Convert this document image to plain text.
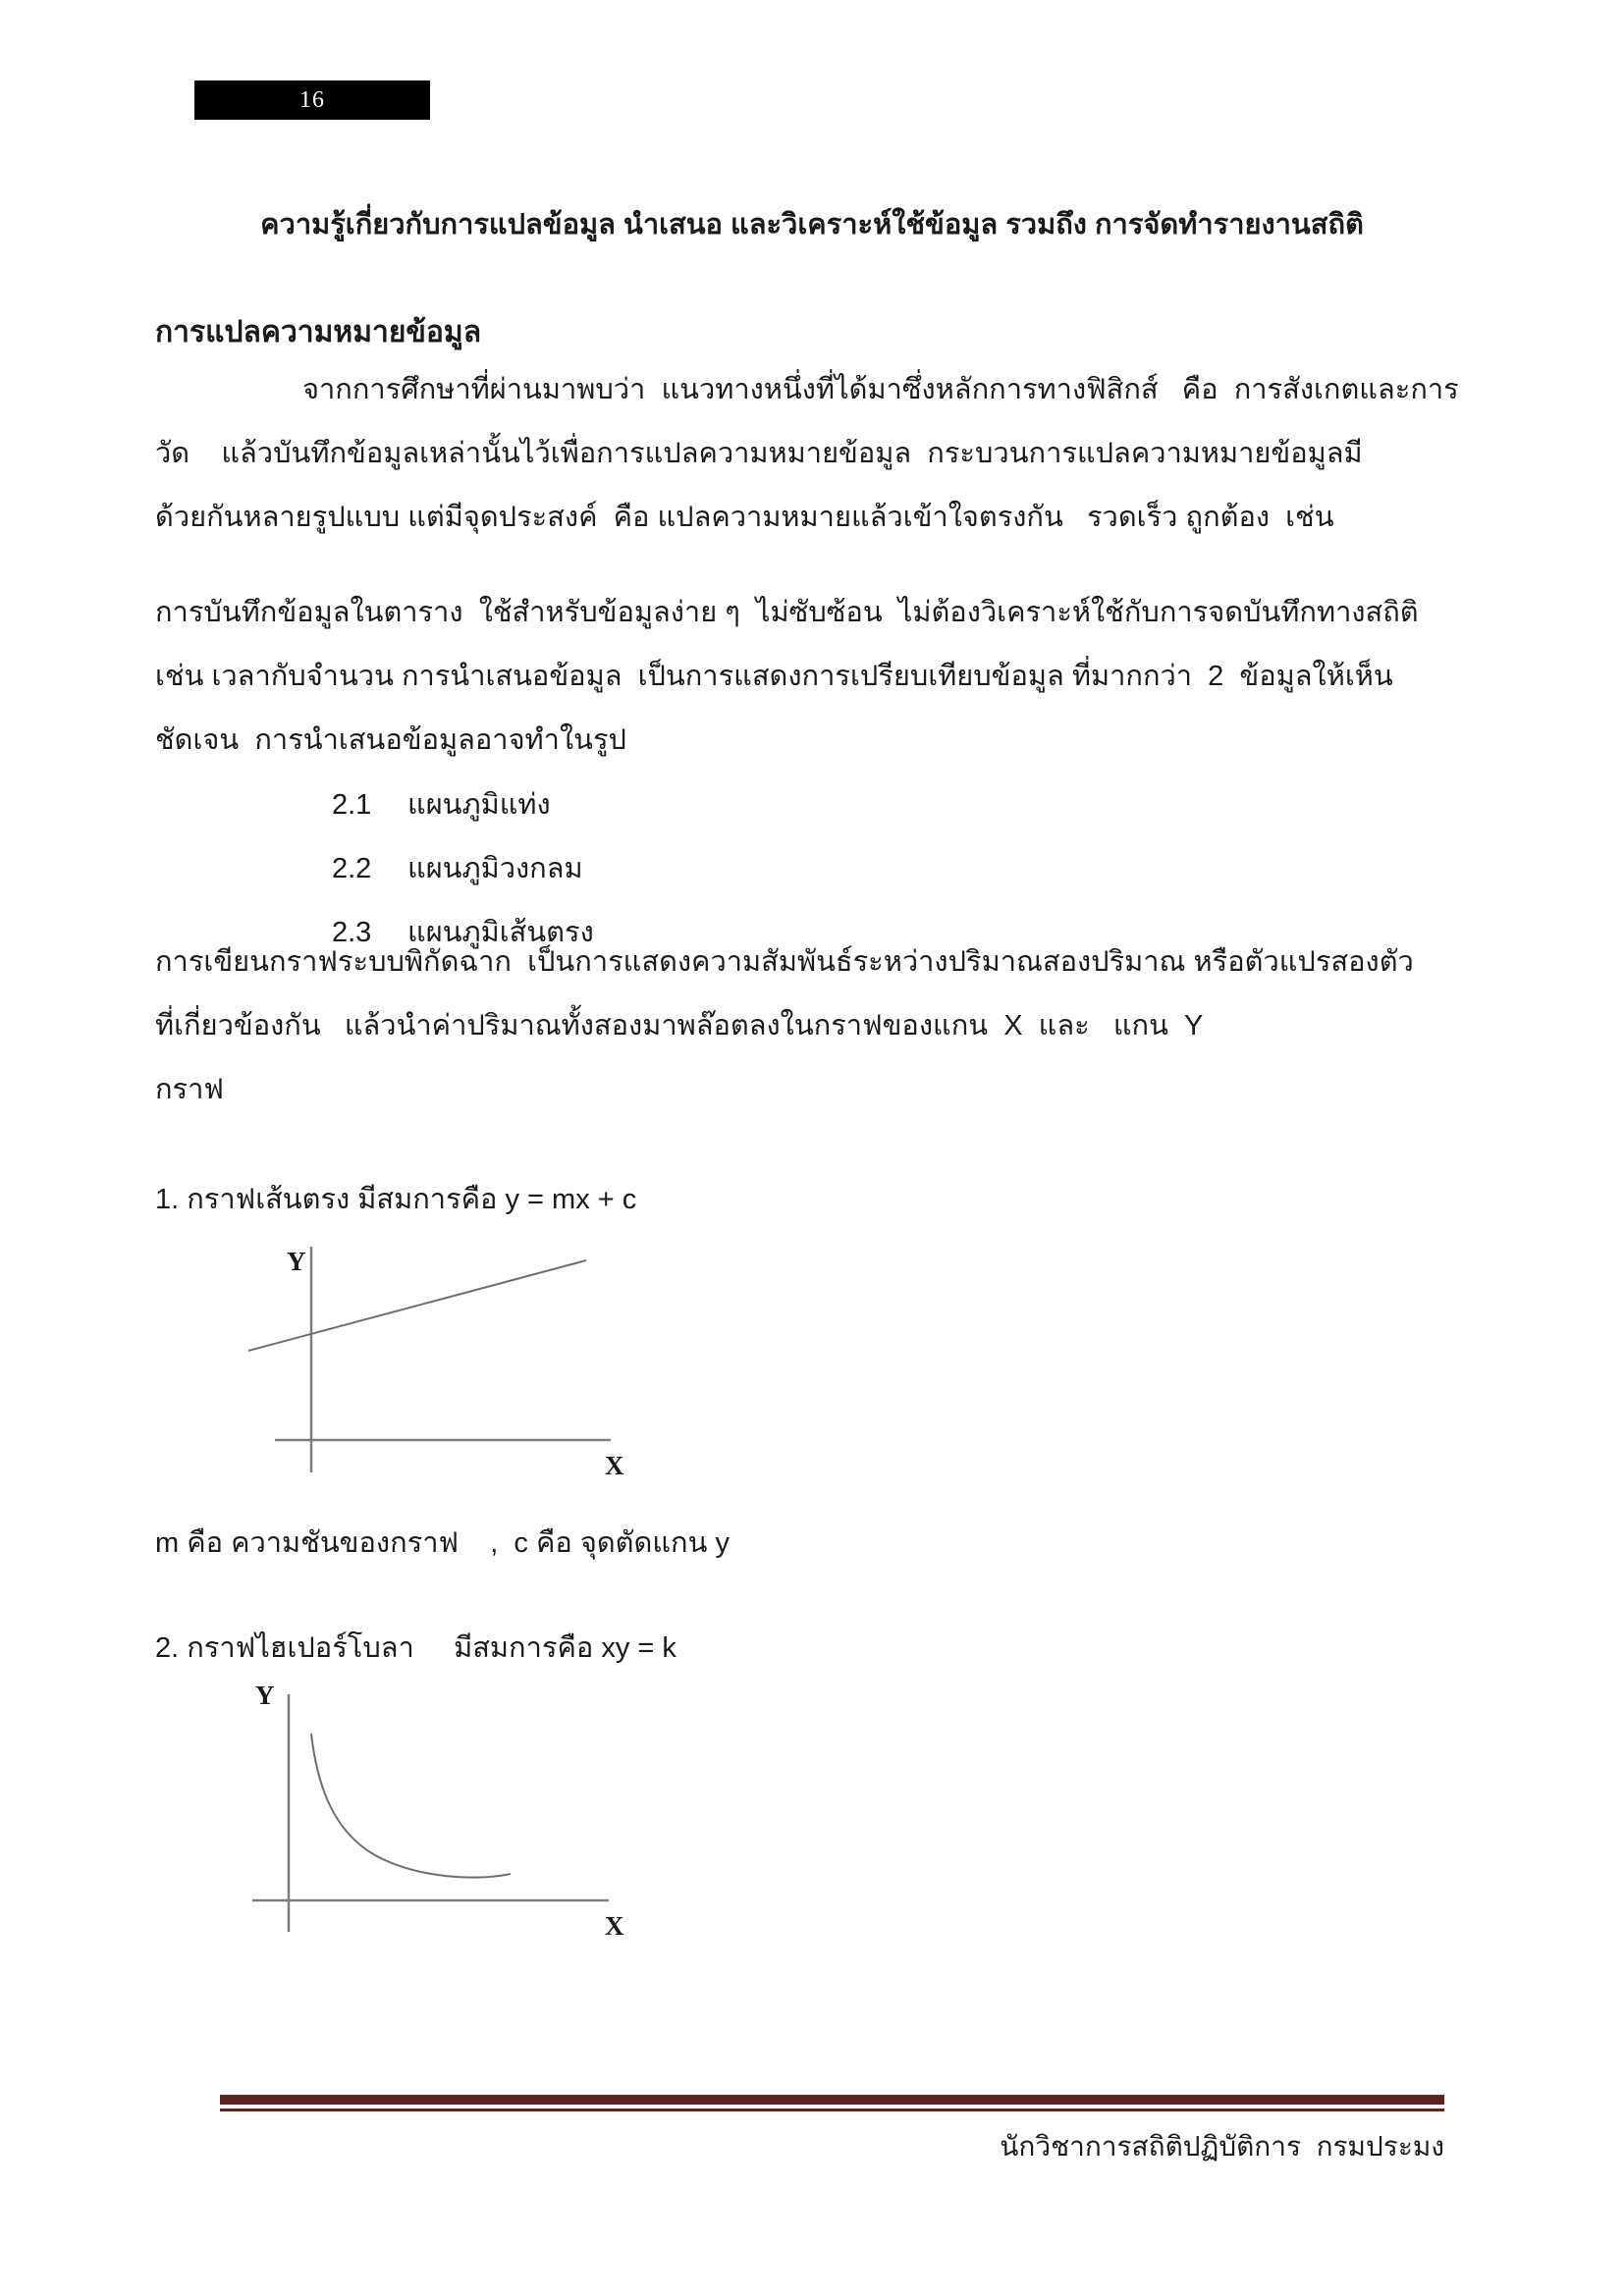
16
ความรู้เกี่ยวกับการแปลข้อมูล นำเสนอ และวิเคราะห์ใช้ข้อมูล รวมถึง การจัดทำรายงานสถิติ
การแปลความหมายข้อมูล
จากการศึกษาที่ผ่านมาพบว่า  แนวทางหนึ่งที่ได้มาซึ่งหลักการทางฟิสิกส์   คือ  การสังเกตและการ
วัด    แล้วบันทึกข้อมูลเหล่านั้นไว้เพื่อการแปลความหมายข้อมูล  กระบวนการแปลความหมายข้อมูลมี
ด้วยกันหลายรูปแบบ แต่มีจุดประสงค์  คือ แปลความหมายแล้วเข้าใจตรงกัน   รวดเร็ว ถูกต้อง  เช่น
การบันทึกข้อมูลในตาราง  ใช้สำหรับข้อมูลง่าย ๆ  ไม่ซับซ้อน  ไม่ต้องวิเคราะห์ใช้กับการจดบันทึกทางสถิติ
เช่น เวลากับจำนวน การนำเสนอข้อมูล  เป็นการแสดงการเปรียบเทียบข้อมูล ที่มากกว่า  2  ข้อมูลให้เห็น
ชัดเจน  การนำเสนอข้อมูลอาจทำในรูป
2.1	แผนภูมิแท่ง
2.2	แผนภูมิวงกลม
2.3	แผนภูมิเส้นตรง
การเขียนกราฟระบบพิกัดฉาก  เป็นการแสดงความสัมพันธ์ระหว่างปริมาณสองปริมาณ หรือตัวแปรสองตัว
ที่เกี่ยวข้องกัน   แล้วนำค่าปริมาณทั้งสองมาพล๊อตลงในกราฟของแกน  X  และ   แกน  Y
กราฟ
1. กราฟเส้นตรง มีสมการคือ y = mx + c
Y
X
m คือ ความชันของกราฟ    ,  c คือ จุดตัดแกน y
2. กราฟไฮเปอร์โบลา     มีสมการคือ xy = k
Y
X
นักวิชาการสถิติปฏิบัติการ  กรมประมง
